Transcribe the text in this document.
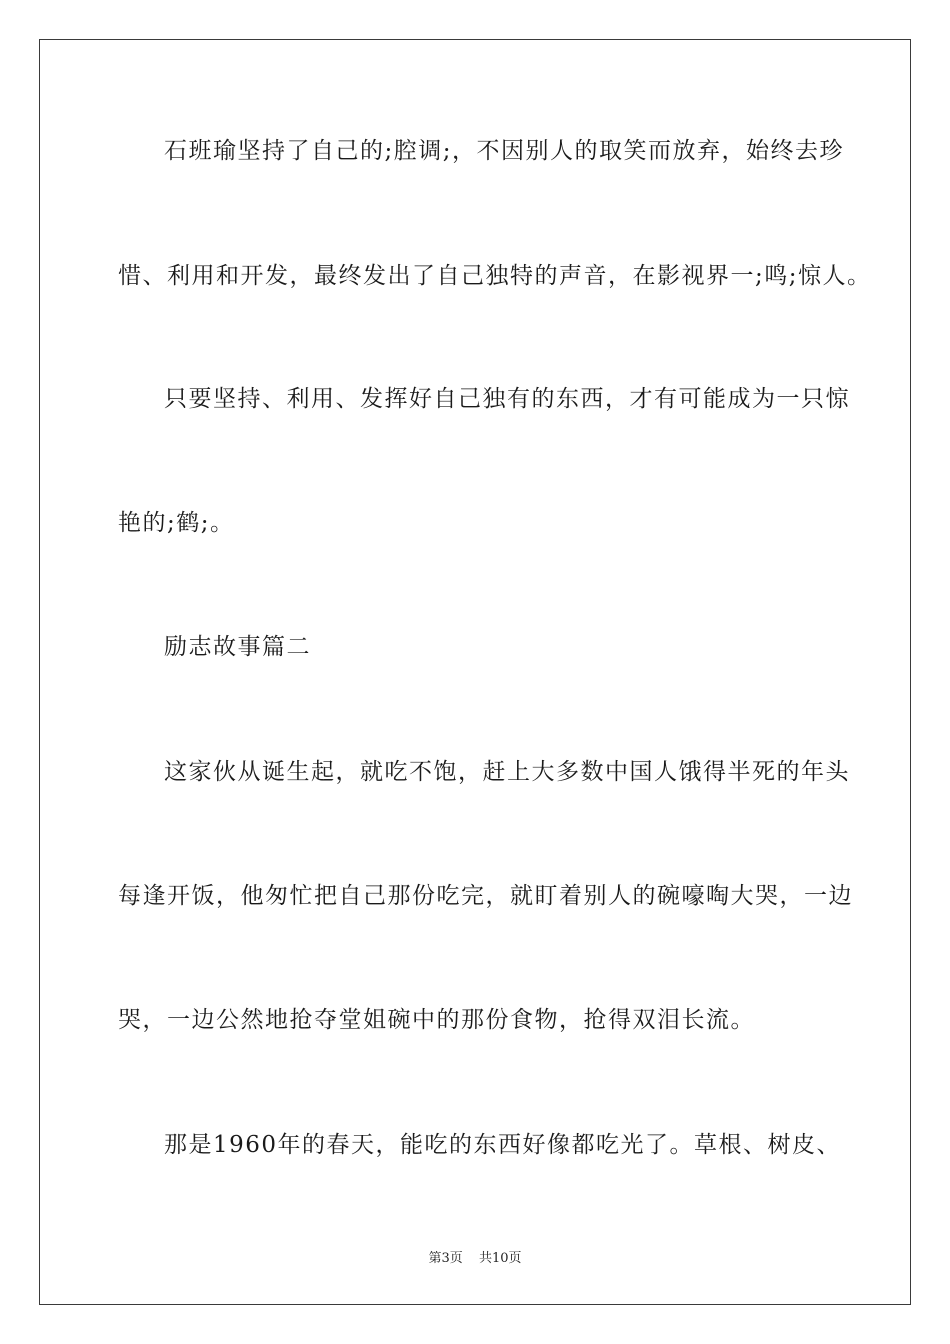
石班瑜坚持了自己的;腔调;，不因别人的取笑而放弃，始终去珍
惜、利用和开发，最终发出了自己独特的声音，在影视界一;鸣;惊人。
只要坚持、利用、发挥好自己独有的东西，才有可能成为一只惊
艳的;鹤;。
励志故事篇二
这家伙从诞生起，就吃不饱，赶上大多数中国人饿得半死的年头
每逢开饭，他匆忙把自己那份吃完，就盯着别人的碗嚎啕大哭，一边
哭，一边公然地抢夺堂姐碗中的那份食物，抢得双泪长流。
那是1960年的春天，能吃的东西好像都吃光了。草根、树皮、
第3页 共10页
